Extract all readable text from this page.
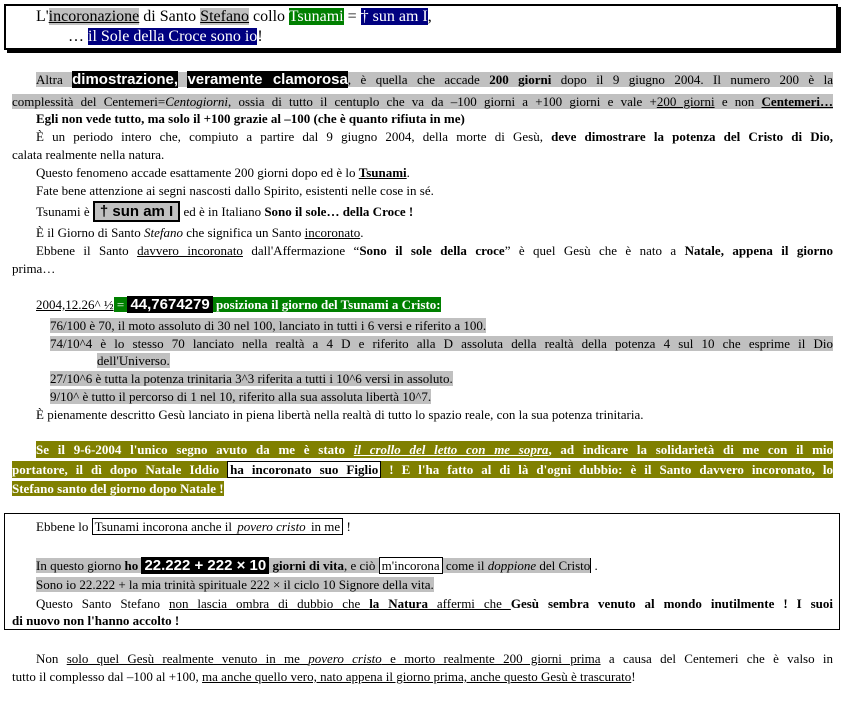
L'incoronazione di Santo Stefano collo Tsunami = † sun am I,
… il Sole della Croce sono io!
Altra dimostrazione, veramente clamorosa, è quella che accade 200 giorni dopo il 9 giugno 2004. Il numero 200 è la
complessità del Centemeri=Centogiorni, ossia di tutto il centuplo che va da –100 giorni a +100 giorni e vale +200 giorni e non Centemeri…
Egli non vede tutto, ma solo il +100 grazie al –100 (che è quanto rifiuta in me)
È un periodo intero che, compiuto a partire dal 9 giugno 2004, della morte di Gesù, deve dimostrare la potenza del Cristo di Dio,
calata realmente nella natura.
Questo fenomeno accade esattamente 200 giorni dopo ed è lo Tsunami.
Fate bene attenzione ai segni nascosti dallo Spirito, esistenti nelle cose in sé.
Tsunami è † sun am I ed è in Italiano Sono il sole… della Croce !
È il Giorno di Santo Stefano che significa un Santo incoronato.
Ebbene il Santo davvero incoronato dall'Affermazione “Sono il sole della croce” è quel Gesù che è nato a Natale, appena il giorno
prima…
2004,12.26^ ½ = 44,7674279 posiziona il giorno del Tsunami a Cristo:
76/100 è 70, il moto assoluto di 30 nel 100, lanciato in tutti i 6 versi e riferito a 100.
74/10^4 è lo stesso 70 lanciato nella realtà a 4 D e riferito alla D assoluta della realtà della potenza 4 sul 10 che esprime il Dio
dell'Universo.
27/10^6 è tutta la potenza trinitaria 3^3 riferita a tutti i 10^6 versi in assoluto.
9/10^ è tutto il percorso di 1 nel 10, riferito alla sua assoluta libertà 10^7.
È pienamente descritto Gesù lanciato in piena libertà nella realtà di tutto lo spazio reale, con la sua potenza trinitaria.
Se il 9-6-2004 l'unico segno avuto da me è stato il crollo del letto con me sopra, ad indicare la solidarietà di me con il mio
portatore, il dì dopo Natale Iddio ha incoronato suo Figlio ! E l'ha fatto al di là d'ogni dubbio: è il Santo davvero incoronato, lo
Stefano santo del giorno dopo Natale !
Ebbene lo Tsunami incorona anche il povero cristo in me !
In questo giorno ho 22.222 + 222 × 10 giorni di vita, e ciò m'incorona come il doppione del Cristo .
Sono io 22.222 + la mia trinità spirituale 222 × il ciclo 10 Signore della vita.
Questo Santo Stefano non lascia ombra di dubbio che la Natura affermi che Gesù sembra venuto al mondo inutilmente ! I suoi
di nuovo non l'hanno accolto !
Non solo quel Gesù realmente venuto in me povero cristo e morto realmente 200 giorni prima a causa del Centemeri che è valso in
tutto il complesso dal –100 al +100, ma anche quello vero, nato appena il giorno prima, anche questo Gesù è trascurato!
